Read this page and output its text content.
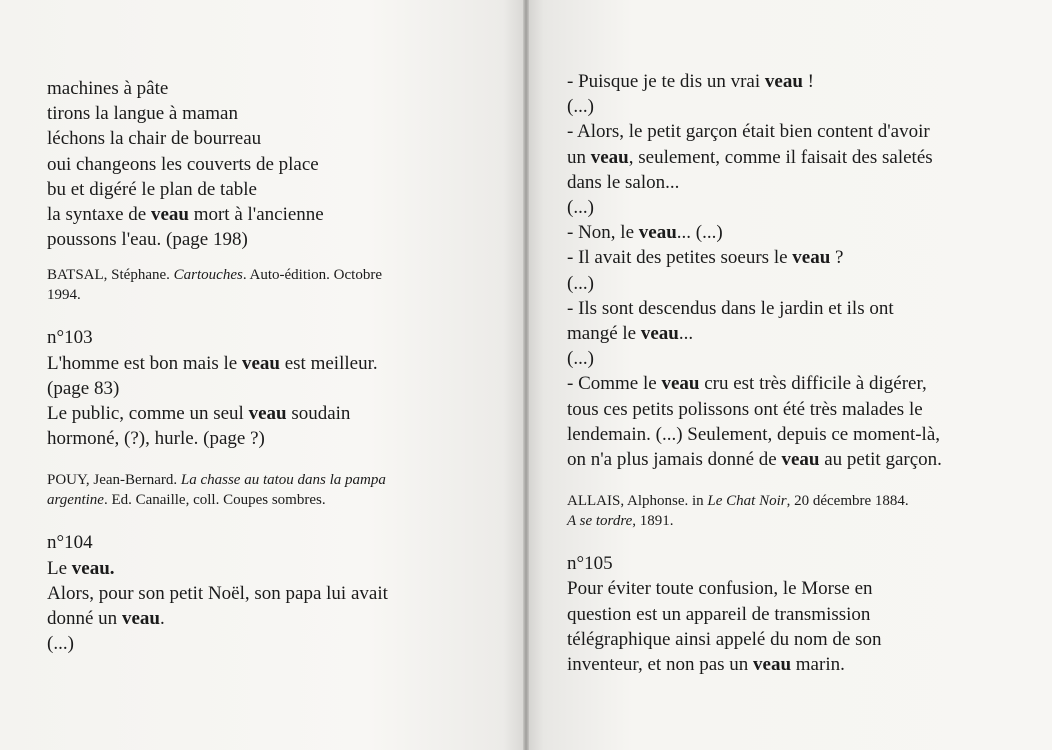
machines à pâte
tirons la langue à maman
léchons la chair de bourreau
oui changeons les couverts de place
bu et digéré le plan de table
la syntaxe de veau mort à l'ancienne
poussons l'eau. (page 198)
BATSAL, Stéphane. Cartouches. Auto-édition. Octobre
1994.
n°103
L'homme est bon mais le veau est meilleur.
(page 83)
Le public, comme un seul veau soudain
hormoné, (?), hurle. (page ?)
POUY, Jean-Bernard. La chasse au tatou dans la pampa
argentine. Ed. Canaille, coll. Coupes sombres.
n°104
Le veau.
Alors, pour son petit Noël, son papa lui avait
donné un veau.
(...)
- Puisque je te dis un vrai veau !
(...)
- Alors, le petit garçon était bien content d'avoir
un veau, seulement, comme il faisait des saletés
dans le salon...
(...)
- Non, le veau... (...)
- Il avait des petites soeurs le veau ?
(...)
- Ils sont descendus dans le jardin et ils ont
mangé le veau...
(...)
- Comme le veau cru est très difficile à digérer,
tous ces petits polissons ont été très malades le
lendemain. (...) Seulement, depuis ce moment-là,
on n'a plus jamais donné de veau au petit garçon.
ALLAIS, Alphonse. in Le Chat Noir, 20 décembre 1884.
A se tordre, 1891.
n°105
Pour éviter toute confusion, le Morse en
question est un appareil de transmission
télégraphique ainsi appelé du nom de son
inventeur, et non pas un veau marin.
